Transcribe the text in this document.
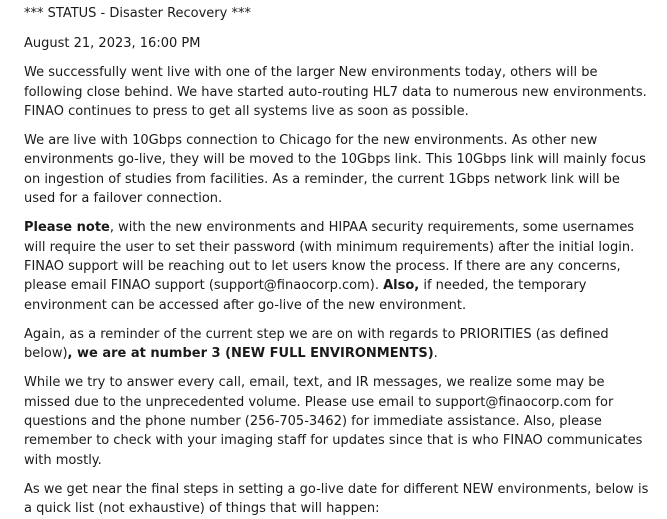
*** STATUS - Disaster Recovery ***

August 21, 2023, 16:00 PM

We successfully went live with one of the larger New environments today, others will be following close behind. We have started auto-routing HL7 data to numerous new environments. FINAO continues to press to get all systems live as soon as possible.

We are live with 10Gbps connection to Chicago for the new environments. As other new environments go-live, they will be moved to the 10Gbps link. This 10Gbps link will mainly focus on ingestion of studies from facilities. As a reminder, the current 1Gbps network link will be used for a failover connection.

Please note, with the new environments and HIPAA security requirements, some usernames will require the user to set their password (with minimum requirements) after the initial login. FINAO support will be reaching out to let users know the process. If there are any concerns, please email FINAO support (support@finaocorp.com). Also, if needed, the temporary environment can be accessed after go-live of the new environment.

Again, as a reminder of the current step we are on with regards to PRIORITIES (as defined below), we are at number 3 (NEW FULL ENVIRONMENTS).

While we try to answer every call, email, text, and IR messages, we realize some may be missed due to the unprecedented volume. Please use email to support@finaocorp.com for questions and the phone number (256-705-3462) for immediate assistance. Also, please remember to check with your imaging staff for updates since that is who FINAO communicates with mostly.

As we get near the final steps in setting a go-live date for different NEW environments, below is a quick list (not exhaustive) of things that will happen:
